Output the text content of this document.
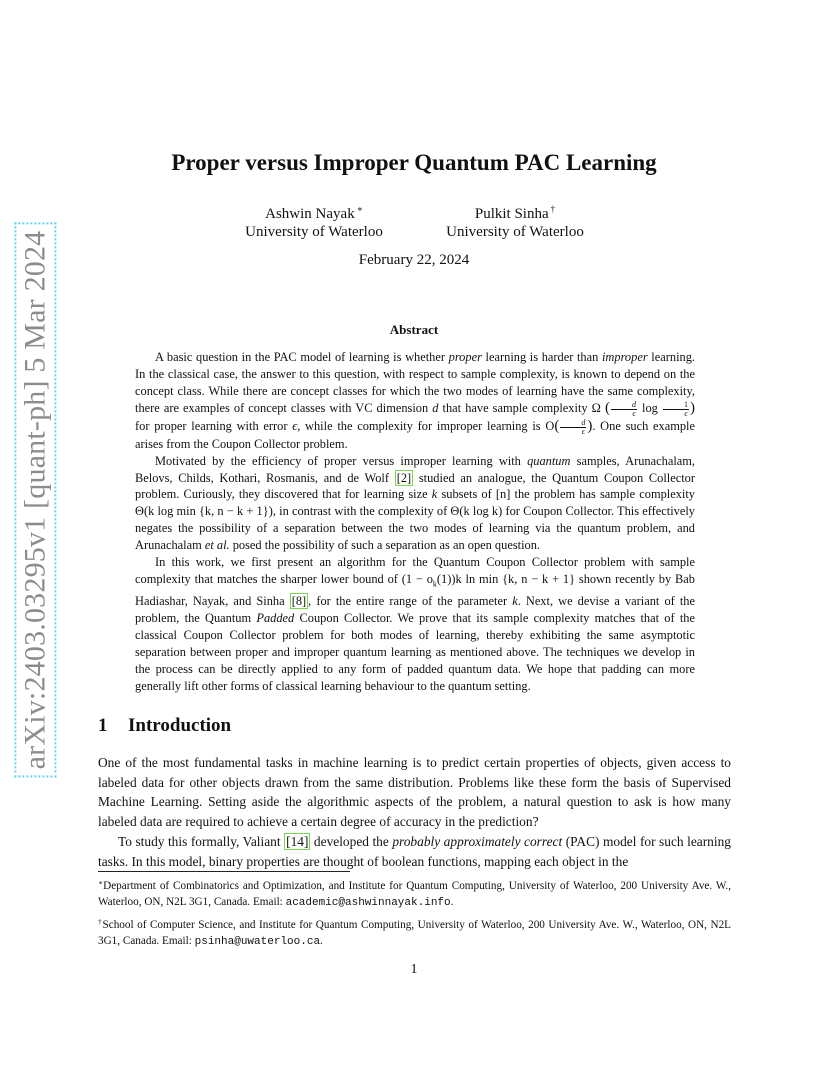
arXiv:2403.03295v1 [quant-ph] 5 Mar 2024
Proper versus Improper Quantum PAC Learning
Ashwin Nayak ∗
University of Waterloo
Pulkit Sinha †
University of Waterloo
February 22, 2024
Abstract

A basic question in the PAC model of learning is whether proper learning is harder than improper learning. In the classical case, the answer to this question, with respect to sample complexity, is known to depend on the concept class. While there are concept classes for which the two modes of learning have the same complexity, there are examples of concept classes with VC dimension d that have sample complexity Ω ( $\frac{d}{\epsilon}$ $\log \frac{1}{\epsilon}$ ) for proper learning with error ϵ, while the complexity for improper learning is $O( \frac{d}{\epsilon}$ ). One such example arises from the Coupon Collector problem.

Motivated by the efficiency of proper versus improper learning with quantum samples, Arunachalam, Belovs, Childs, Kothari, Rosmanis, and de Wolf [2] studied an analogue, the Quantum Coupon Collector problem. Curiously, they discovered that for learning size k subsets of [n] the problem has sample complexity Θ(k log min {k, n − k + 1}), in contrast with the complexity of Θ(k log k) for Coupon Collector. This effectively negates the possibility of a separation between the two modes of learning via the quantum problem, and Arunachalam et al. posed the possibility of such a separation as an open question.

In this work, we first present an algorithm for the Quantum Coupon Collector problem with sample complexity that matches the sharper lower bound of $(1 - o_k(1))k$ ln min {k, n − k + 1} shown recently by Bab Hadiashar, Nayak, and Sinha [8] , for the entire range of the parameter k. Next, we devise a variant of the problem, the Quantum Padded Coupon Collector. We prove that its sample complexity matches that of the classical Coupon Collector problem for both modes of learning, thereby exhibiting the same asymptotic separation between proper and improper quantum learning as mentioned above. The techniques we develop in the process can be directly applied to any form of padded quantum data. We hope that padding can more generally lift other forms of classical learning behaviour to the quantum setting.

1 Introduction

One of the most fundamental tasks in machine learning is to predict certain properties of objects, given access to labeled data for other objects drawn from the same distribution. Problems like these form the basis of Supervised Machine Learning. Setting aside the algorithmic aspects of the problem, a natural question to ask is how many labeled data are required to achieve a certain degree of accuracy in the prediction?

To study this formally, Valiant [14] developed the probably approximately correct (PAC) model for such learning tasks. In this model, binary properties are thought of boolean functions, mapping each object in the

∗Department of Combinatorics and Optimization, and Institute for Quantum Computing, University of Waterloo, 200 University Ave. W., Waterloo, ON, N2L 3G1, Canada. Email: academic@ashwinnayak.info.

†School of Computer Science, and Institute for Quantum Computing, University of Waterloo, 200 University Ave. W., Waterloo, ON, N2L 3G1, Canada. Email: psinha@uwaterloo.ca.

1
